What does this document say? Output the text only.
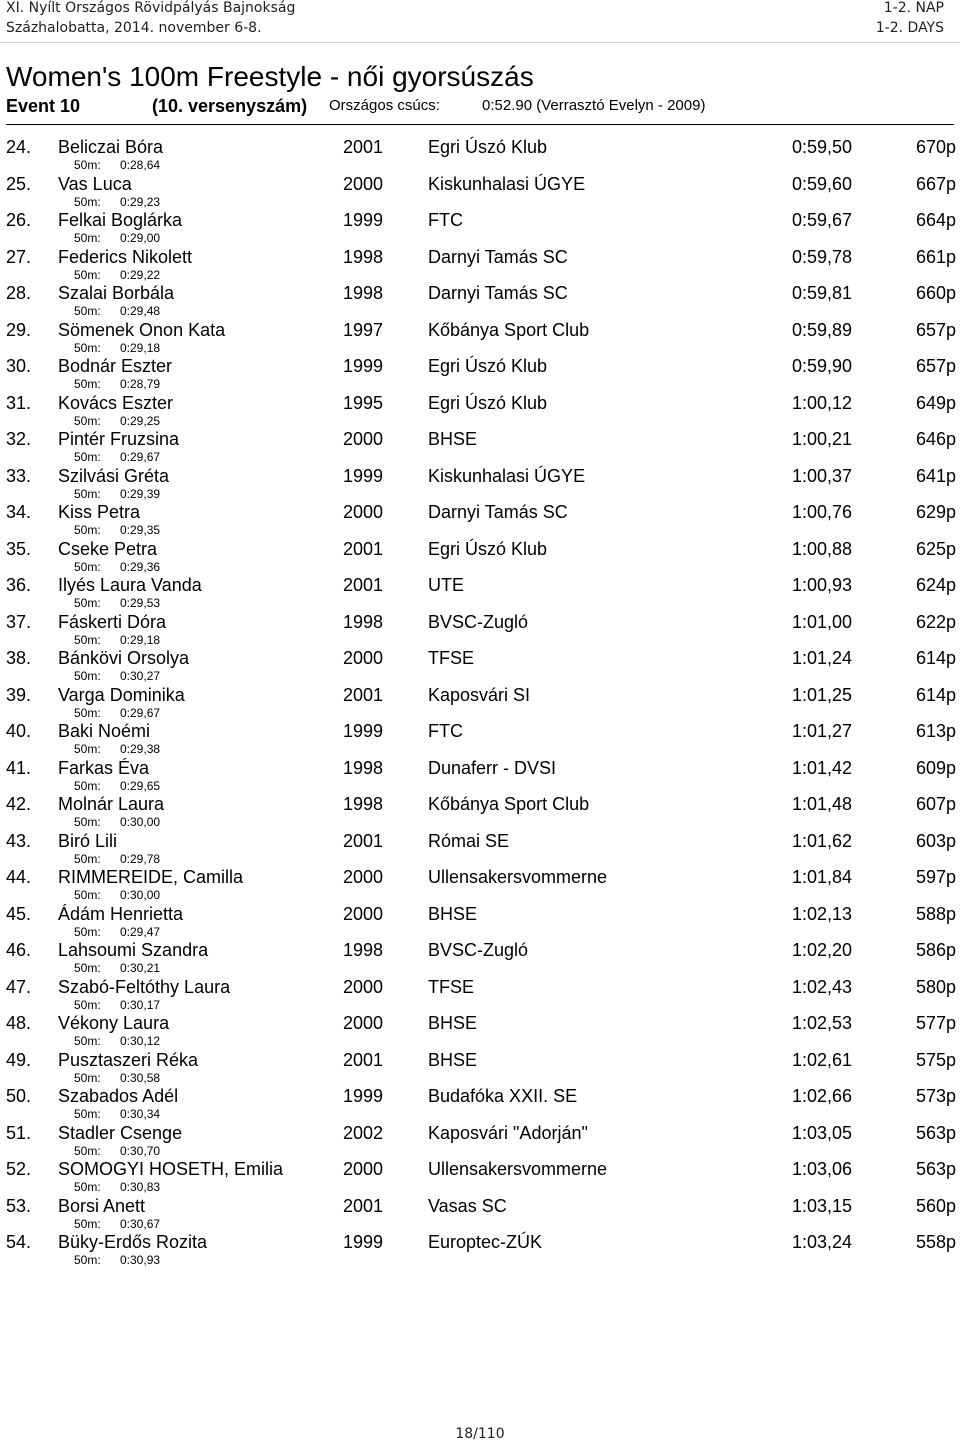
XI. Nyílt Országos Rövidpályás Bajnokság
Százhalobatta, 2014. november 6-8.
1-2. NAP
1-2. DAYS
Women's 100m Freestyle - női gyorsúszás
Event 10	(10. versenyszám) Országos csúcs:	0:52.90 (Verrasztó Evelyn - 2009)
24. Beliczai Bóra	2001 Egri Úszó Klub	0:59,50	670p
50m: 0:28,64
25. Vas Luca	2000 Kiskunhalasi ÚGYE	0:59,60	667p
50m: 0:29,23
26. Felkai Boglárka	1999 FTC	0:59,67	664p
50m: 0:29,00
27. Federics Nikolett	1998 Darnyi Tamás SC	0:59,78	661p
50m: 0:29,22
28. Szalai Borbála	1998 Darnyi Tamás SC	0:59,81	660p
50m: 0:29,48
29. Sömenek Onon Kata	1997 Kőbánya Sport Club	0:59,89	657p
50m: 0:29,18
30. Bodnár Eszter	1999 Egri Úszó Klub	0:59,90	657p
50m: 0:28,79
31. Kovács Eszter	1995 Egri Úszó Klub	1:00,12	649p
50m: 0:29,25
32. Pintér Fruzsina	2000 BHSE	1:00,21	646p
50m: 0:29,67
33. Szilvási Gréta	1999 Kiskunhalasi ÚGYE	1:00,37	641p
50m: 0:29,39
34. Kiss Petra	2000 Darnyi Tamás SC	1:00,76	629p
50m: 0:29,35
35. Cseke Petra	2001 Egri Úszó Klub	1:00,88	625p
50m: 0:29,36
36. Ilyés Laura Vanda	2001 UTE	1:00,93	624p
50m: 0:29,53
37. Fáskerti Dóra	1998 BVSC-Zugló	1:01,00	622p
50m: 0:29,18
38. Bánkövi Orsolya	2000 TFSE	1:01,24	614p
50m: 0:30,27
39. Varga Dominika	2001 Kaposvári SI	1:01,25	614p
50m: 0:29,67
40. Baki Noémi	1999 FTC	1:01,27	613p
50m: 0:29,38
41. Farkas Éva	1998 Dunaferr - DVSI	1:01,42	609p
50m: 0:29,65
42. Molnár Laura	1998 Kőbánya Sport Club	1:01,48	607p
50m: 0:30,00
43. Biró Lili	2001 Római SE	1:01,62	603p
50m: 0:29,78
44. RIMMEREIDE, Camilla	2000 Ullensakersvommerne	1:01,84	597p
50m: 0:30,00
45. Ádám Henrietta	2000 BHSE	1:02,13	588p
50m: 0:29,47
46. Lahsoumi Szandra	1998 BVSC-Zugló	1:02,20	586p
50m: 0:30,21
47. Szabó-Feltóthy Laura	2000 TFSE	1:02,43	580p
50m: 0:30,17
48. Vékony Laura	2000 BHSE	1:02,53	577p
50m: 0:30,12
49. Pusztaszeri Réka	2001 BHSE	1:02,61	575p
50m: 0:30,58
50. Szabados Adél	1999 Budafóka XXII. SE	1:02,66	573p
50m: 0:30,34
51. Stadler Csenge	2002 Kaposvári "Adorján"	1:03,05	563p
50m: 0:30,70
52. SOMOGYI HOSETH, Emilia	2000 Ullensakersvommerne	1:03,06	563p
50m: 0:30,83
53. Borsi Anett	2001 Vasas SC	1:03,15	560p
50m: 0:30,67
54. Büky-Erdős Rozita	1999 Europtec-ZÚK	1:03,24	558p
50m: 0:30,93
18/110
